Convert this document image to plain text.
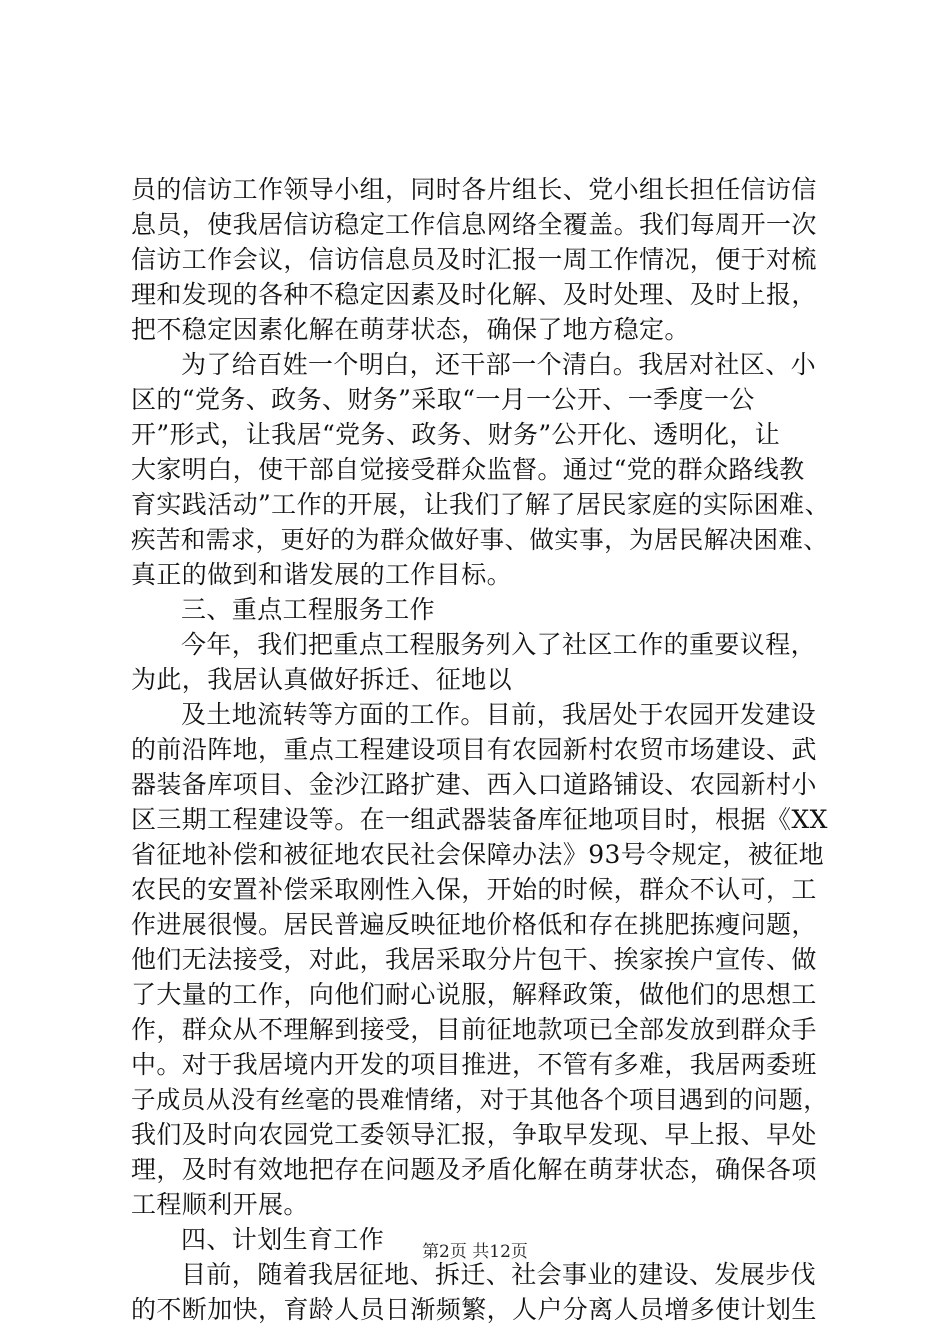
员的信访工作领导小组，同时各片组长、党小组长担任信访信
息员，使我居信访稳定工作信息网络全覆盖。我们每周开一次
信访工作会议，信访信息员及时汇报一周工作情况，便于对梳
理和发现的各种不稳定因素及时化解、及时处理、及时上报，
把不稳定因素化解在萌芽状态，确保了地方稳定。
为了给百姓一个明白，还干部一个清白。我居对社区、小
区的“党务、政务、财务”采取“一月一公开、一季度一公
开”形式，让我居“党务、政务、财务”公开化、透明化，让
大家明白，使干部自觉接受群众监督。通过“党的群众路线教
育实践活动”工作的开展，让我们了解了居民家庭的实际困难、
疾苦和需求，更好的为群众做好事、做实事，为居民解决困难、
真正的做到和谐发展的工作目标。
三、重点工程服务工作
今年，我们把重点工程服务列入了社区工作的重要议程，
为此，我居认真做好拆迁、征地以
及土地流转等方面的工作。目前，我居处于农园开发建设
的前沿阵地，重点工程建设项目有农园新村农贸市场建设、武
器装备库项目、金沙江路扩建、西入口道路铺设、农园新村小
区三期工程建设等。在一组武器装备库征地项目时，根据《XX
省征地补偿和被征地农民社会保障办法》93号令规定，被征地
农民的安置补偿采取刚性入保，开始的时候，群众不认可，工
作进展很慢。居民普遍反映征地价格低和存在挑肥拣瘦问题，
他们无法接受，对此，我居采取分片包干、挨家挨户宣传、做
了大量的工作，向他们耐心说服，解释政策，做他们的思想工
作，群众从不理解到接受，目前征地款项已全部发放到群众手
中。对于我居境内开发的项目推进，不管有多难，我居两委班
子成员从没有丝毫的畏难情绪，对于其他各个项目遇到的问题，
我们及时向农园党工委领导汇报，争取早发现、早上报、早处
理，及时有效地把存在问题及矛盾化解在萌芽状态，确保各项
工程顺利开展。
四、计划生育工作
目前，随着我居征地、拆迁、社会事业的建设、发展步伐
的不断加快，育龄人员日渐频繁，人户分离人员增多使计划生
第2页 共12页
